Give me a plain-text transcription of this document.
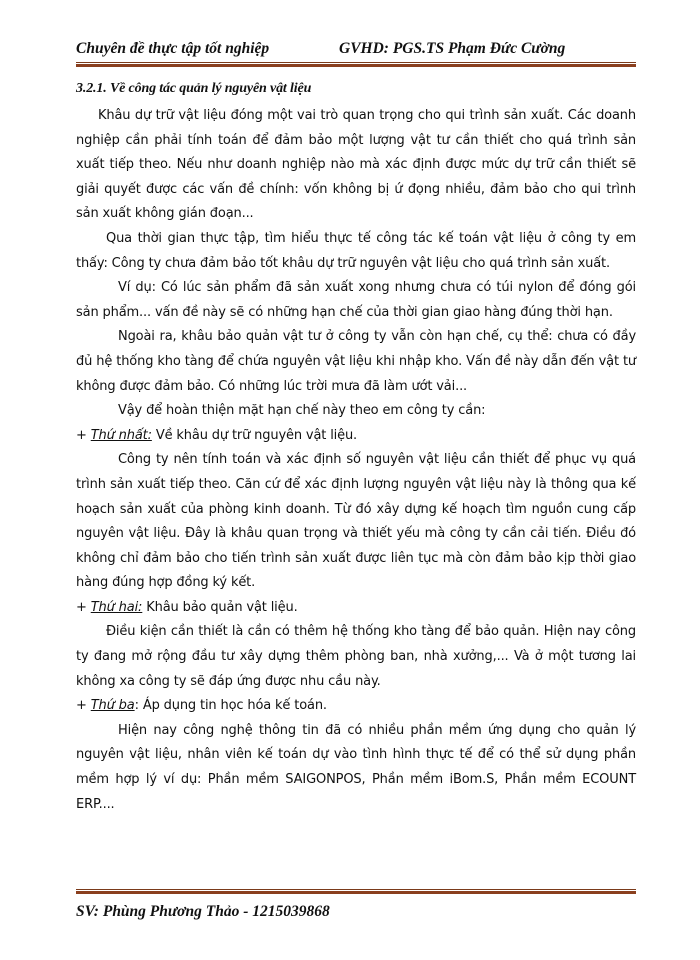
Chuyên đề thực tập tốt nghiệp	GVHD: PGS.TS Phạm Đức Cường
3.2.1. Về công tác quản lý nguyên vật liệu

Khâu dự trữ vật liệu đóng một vai trò quan trọng cho qui trình sản xuất. Các doanh nghiệp cần phải tính toán để đảm bảo một lượng vật tư cần thiết cho quá trình sản xuất tiếp theo. Nếu như doanh nghiệp nào mà xác định được mức dự trữ cần thiết sẽ giải quyết được các vấn đề chính: vốn không bị ứ đọng nhiều, đảm bảo cho qui trình sản xuất không gián đoạn...

Qua thời gian thực tập, tìm hiểu thực tế công tác kế toán vật liệu ở công ty em thấy: Công ty chưa đảm bảo tốt khâu dự trữ nguyên vật liệu cho quá trình sản xuất.

Ví dụ: Có lúc sản phẩm đã sản xuất xong nhưng chưa có túi nylon để đóng gói sản phẩm... vấn đề này sẽ có những hạn chế của thời gian giao hàng đúng thời hạn.

Ngoài ra, khâu bảo quản vật tư ở công ty vẫn còn hạn chế, cụ thể: chưa có đầy đủ hệ thống kho tàng để chứa nguyên vật liệu khi nhập kho. Vấn đề này dẫn đến vật tư không được đảm bảo. Có những lúc trời mưa đã làm ướt vải...

Vậy để hoàn thiện mặt hạn chế này theo em công ty cần:

+ Thứ nhất: Về khâu dự trữ nguyên vật liệu.

Công ty nên tính toán và xác định số nguyên vật liệu cần thiết để phục vụ quá trình sản xuất tiếp theo. Căn cứ để xác định lượng nguyên vật liệu này là thông qua kế hoạch sản xuất của phòng kinh doanh. Từ đó xây dựng kế hoạch tìm nguồn cung cấp nguyên vật liệu. Đây là khâu quan trọng và thiết yếu mà công ty cần cải tiến. Điều đó không chỉ đảm bảo cho tiến trình sản xuất được liên tục mà còn đảm bảo kịp thời giao hàng đúng hợp đồng ký kết.

+ Thứ hai: Khâu bảo quản vật liệu.

Điều kiện cần thiết là cần có thêm hệ thống kho tàng để bảo quản. Hiện nay công ty đang mở rộng đầu tư xây dựng thêm phòng ban, nhà xưởng,... Và ở một tương lai không xa công ty sẽ đáp ứng được nhu cầu này.

+ Thứ ba: Áp dụng tin học hóa kế toán.

Hiện nay công nghệ thông tin đã có nhiều phần mềm ứng dụng cho quản lý nguyên vật liệu, nhân viên kế toán dự vào tình hình thực tế để có thể sử dụng phần mềm hợp lý ví dụ: Phần mềm SAIGONPOS, Phần mềm iBom.S, Phần mềm ECOUNT ERP....

SV: Phùng Phương Thảo - 1215039868
